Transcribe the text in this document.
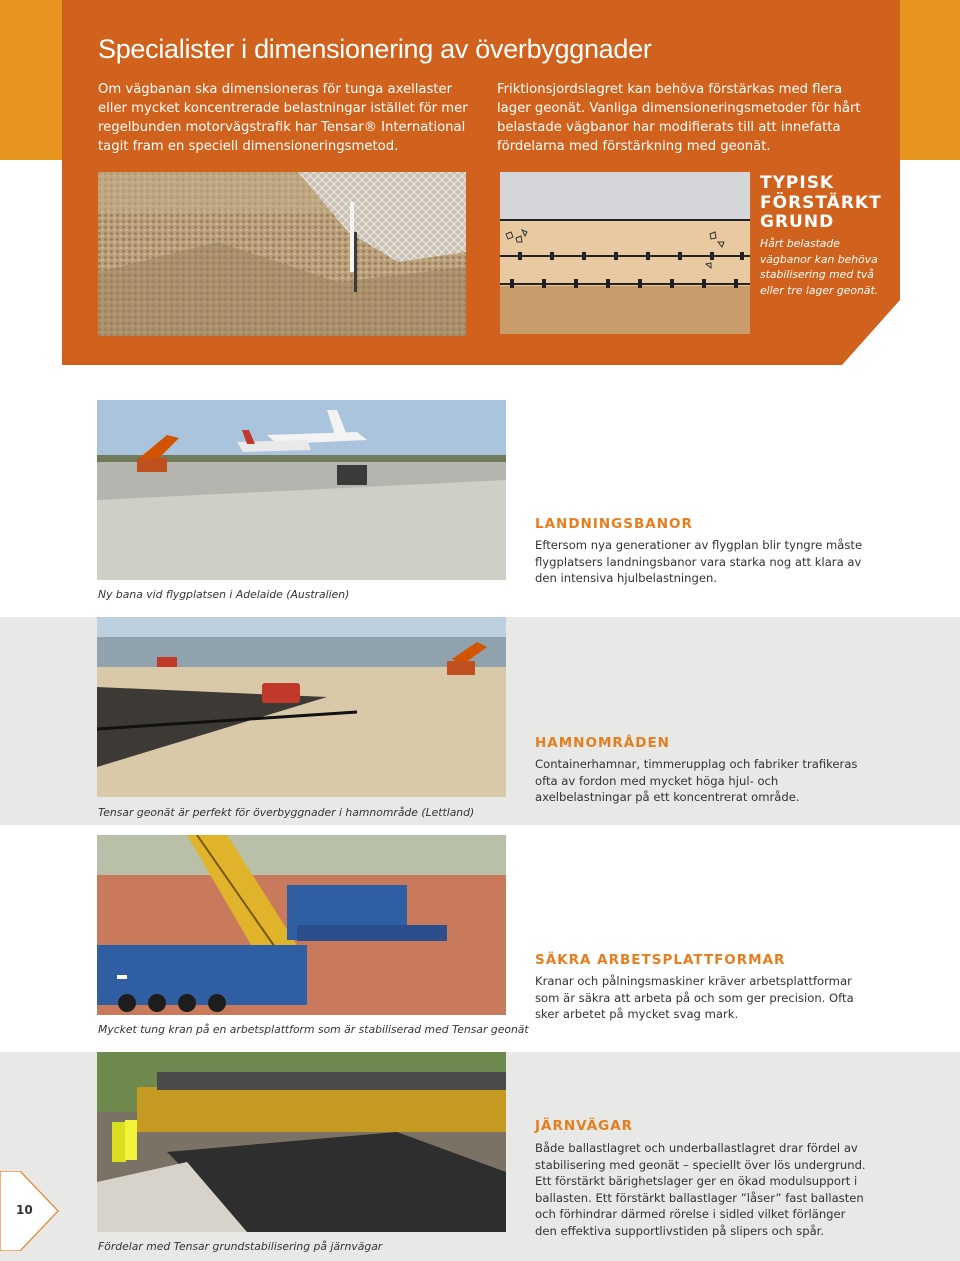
Specialister i dimensionering av överbyggnader
Om vägbanan ska dimensioneras för tunga axellaster eller mycket koncentrerade belastningar istället för mer regelbunden motorvägstrafik har Tensar® International tagit fram en speciell dimensioneringsmetod.
Friktionsjordslagret kan behöva förstärkas med flera lager geonät. Vanliga dimensioneringsmetoder för hårt belastade vägbanor har modifierats till att innefatta fördelarna med förstärkning med geonät.
TYPISK
FÖRSTÄRKT
GRUND
Hårt belastade vägbanor kan behöva stabilisering med två eller tre lager geonät.
Ny bana vid flygplatsen i Adelaide (Australien)
LANDNINGSBANOR
Eftersom nya generationer av flygplan blir tyngre måste flygplatsers landningsbanor vara starka nog att klara av den intensiva hjulbelastningen.
Tensar geonät är perfekt för överbyggnader i hamnområde (Lettland)
HAMNOMRÅDEN
Containerhamnar, timmerupplag och fabriker trafikeras ofta av fordon med mycket höga hjul- och axelbelastningar på ett koncentrerat område.
Mycket tung kran på en arbetsplattform som är stabiliserad med Tensar geonät
SÄKRA ARBETSPLATTFORMAR
Kranar och pålningsmaskiner kräver arbetsplattformar som är säkra att arbeta på och som ger precision. Ofta sker arbetet på mycket svag mark.
Fördelar med Tensar grundstabilisering på järnvägar
JÄRNVÄGAR
Både ballastlagret och underballastlagret drar fördel av stabilisering med geonät – speciellt över lös undergrund. Ett förstärkt bärighetslager ger en ökad modulsupport i ballasten. Ett förstärkt ballastlager ”låser” fast ballasten och förhindrar därmed rörelse i sidled vilket förlänger den effektiva supportlivstiden på slipers och spår.
10
